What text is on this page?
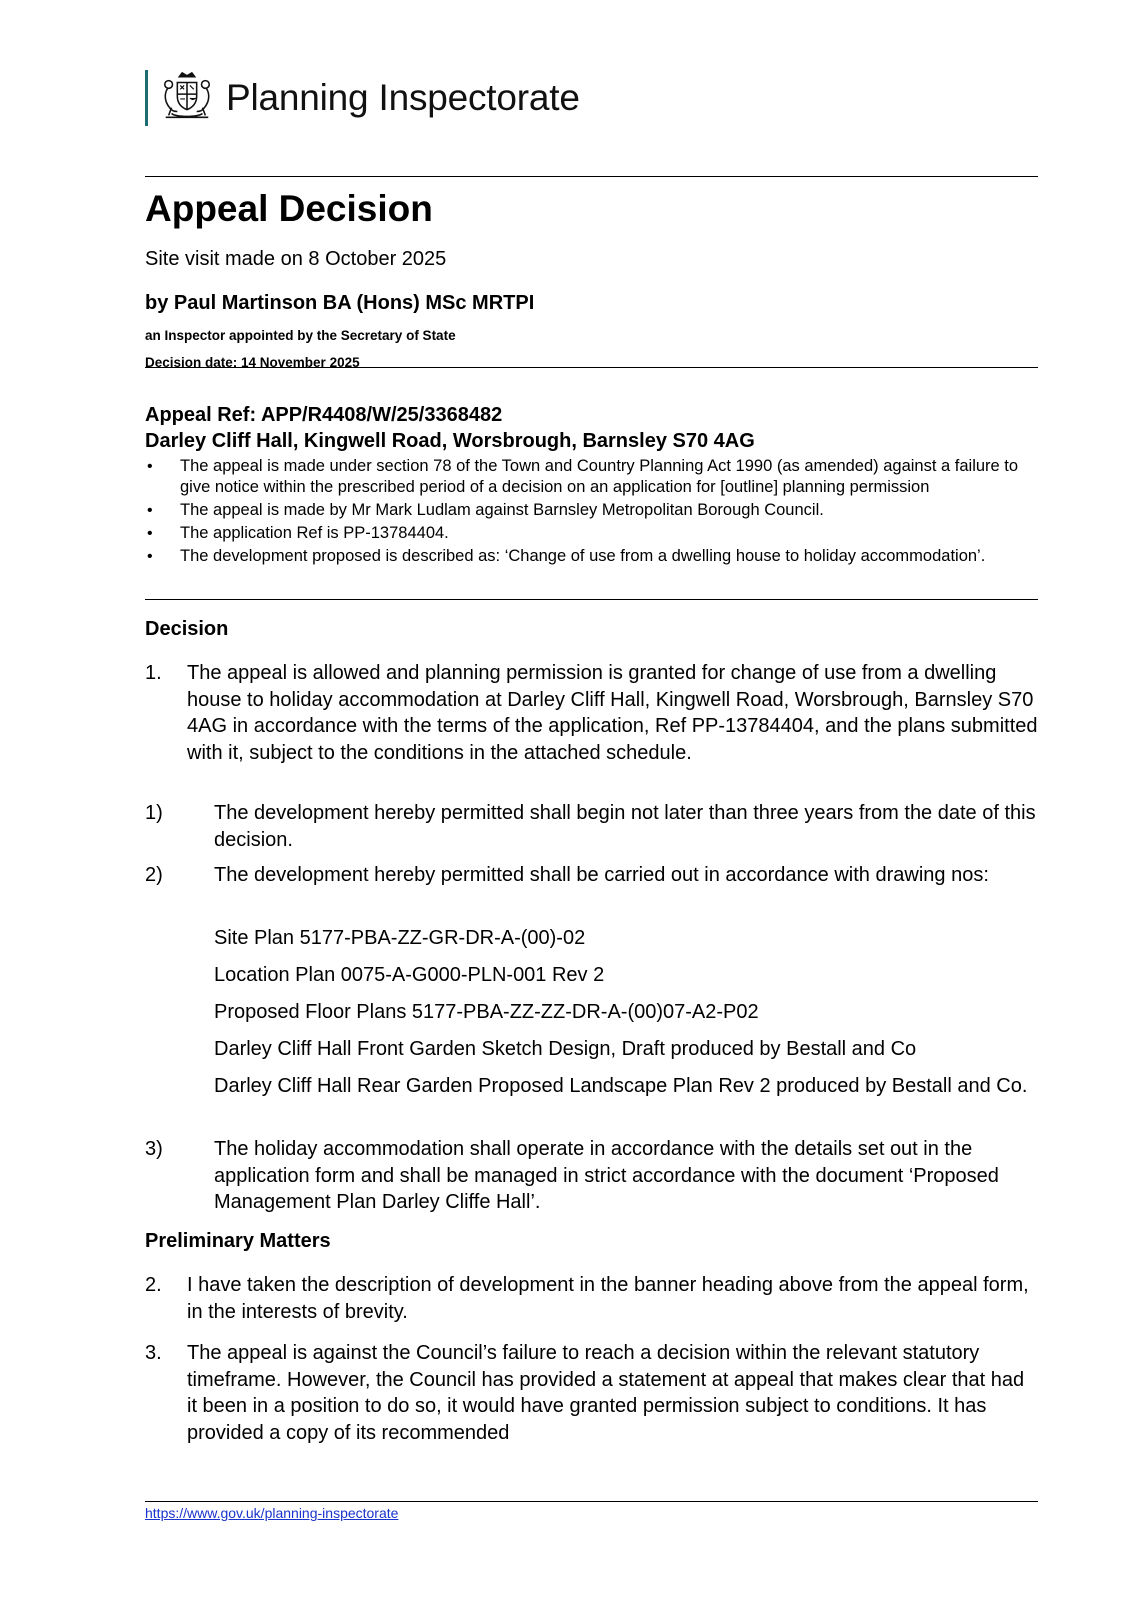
Planning Inspectorate
Appeal Decision
Site visit made on 8 October 2025
by Paul Martinson BA (Hons) MSc MRTPI
an Inspector appointed by the Secretary of State
Decision date: 14 November 2025
Appeal Ref: APP/R4408/W/25/3368482
Darley Cliff Hall, Kingwell Road, Worsbrough, Barnsley S70 4AG
• The appeal is made under section 78 of the Town and Country Planning Act 1990 (as amended) against a failure to give notice within the prescribed period of a decision on an application for [outline] planning permission
• The appeal is made by Mr Mark Ludlam against Barnsley Metropolitan Borough Council.
• The application Ref is PP-13784404.
• The development proposed is described as: ‘Change of use from a dwelling house to holiday accommodation’.
Decision
1. The appeal is allowed and planning permission is granted for change of use from a dwelling house to holiday accommodation at Darley Cliff Hall, Kingwell Road, Worsbrough, Barnsley S70 4AG in accordance with the terms of the application, Ref PP-13784404, and the plans submitted with it, subject to the conditions in the attached schedule.
1)	The development hereby permitted shall begin not later than three years from the date of this decision.
2)	The development hereby permitted shall be carried out in accordance with drawing nos:
Site Plan 5177-PBA-ZZ-GR-DR-A-(00)-02
Location Plan 0075-A-G000-PLN-001 Rev 2
Proposed Floor Plans 5177-PBA-ZZ-ZZ-DR-A-(00)07-A2-P02
Darley Cliff Hall Front Garden Sketch Design, Draft produced by Bestall and Co
Darley Cliff Hall Rear Garden Proposed Landscape Plan Rev 2 produced by Bestall and Co.
3)	The holiday accommodation shall operate in accordance with the details set out in the application form and shall be managed in strict accordance with the document ‘Proposed Management Plan Darley Cliffe Hall’.
Preliminary Matters
2. I have taken the description of development in the banner heading above from the appeal form, in the interests of brevity.
3. The appeal is against the Council’s failure to reach a decision within the relevant statutory timeframe. However, the Council has provided a statement at appeal that makes clear that had it been in a position to do so, it would have granted permission subject to conditions. It has provided a copy of its recommended
https://www.gov.uk/planning-inspectorate
